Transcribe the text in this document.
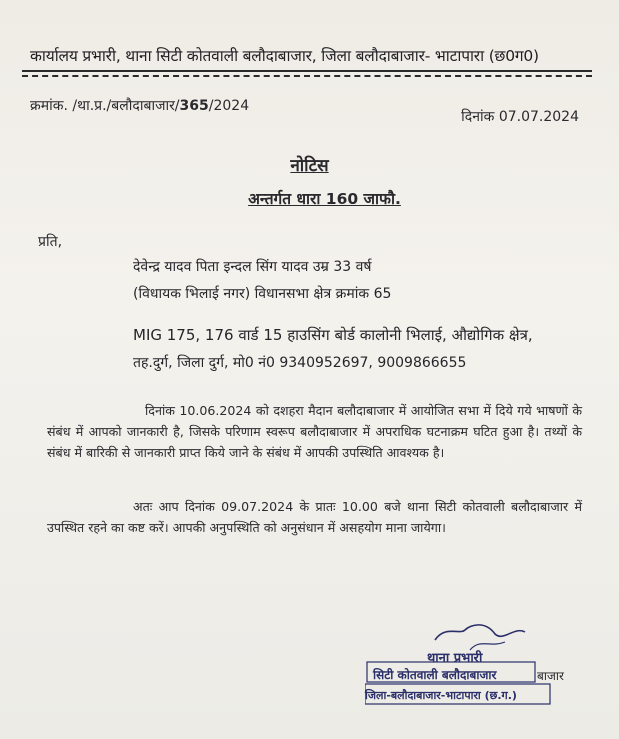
कार्यालय प्रभारी, थाना सिटी कोतवाली बलौदाबाजार, जिला बलौदाबाजार- भाटापारा (छ0ग0)
क्रमांक. /था.प्र./बलौदाबाजार/365/2024
दिनांक 07.07.2024
नोटिस
अन्तर्गत धारा 160 जाफौ.
प्रति,
देवेन्द्र यादव पिता इन्दल सिंग यादव उम्र 33 वर्ष
(विधायक भिलाई नगर) विधानसभा क्षेत्र क्रमांक 65
MIG 175, 176 वार्ड 15 हाउसिंग बोर्ड कालोनी भिलाई, औद्योगिक क्षेत्र,
तह.दुर्ग, जिला दुर्ग, मो0 नं0 9340952697, 9009866655
दिनांक 10.06.2024 को दशहरा मैदान बलौदाबाजार में आयोजित सभा में दिये गये भाषणों के संबंध में आपको जानकारी है, जिसके परिणाम स्वरूप बलौदाबाजार में अपराधिक घटनाक्रम घटित हुआ है। तथ्यों के संबंध में बारिकी से जानकारी प्राप्त किये जाने के संबंध में आपकी उपस्थिति आवश्यक है।
अतः आप दिनांक 09.07.2024 के प्रातः 10.00 बजे थाना सिटी कोतवाली बलौदाबाजार में उपस्थित रहने का कष्ट करें। आपकी अनुपस्थिति को अनुसंधान में असहयोग माना जायेगा।
थाना प्रभारी
सिटी कोतवाली बलौदाबाजार	बाजार
जिला-बलौदाबाजार-भाटापारा (छ.ग.)
